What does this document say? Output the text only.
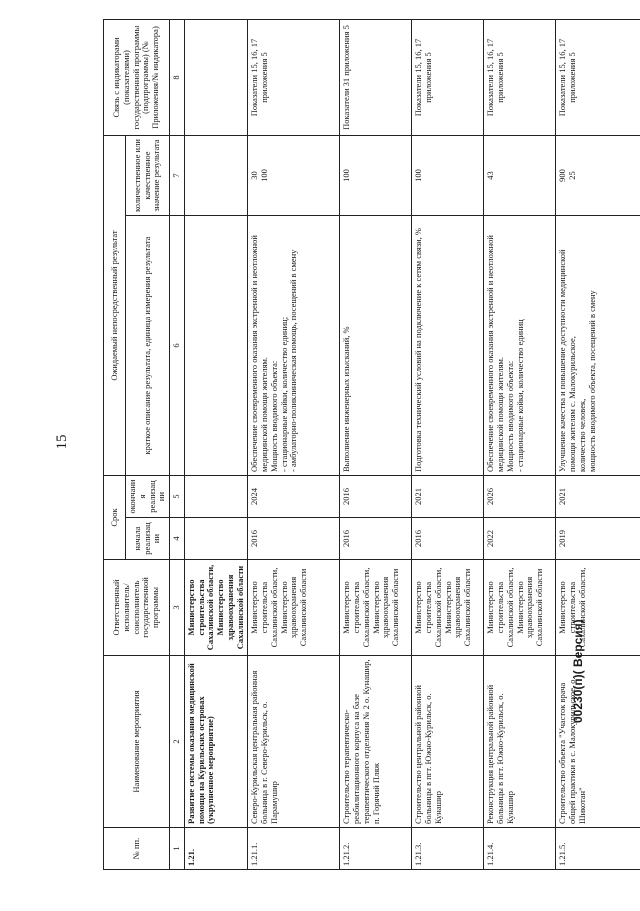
15
№ пп.	Наименование мероприятия	Ответственный исполнитель/соисполнитель государственной программы	Срок		Ожидаемый непосредственный результат		Связь с индикаторами (показателями) государственной программы (подпрограммы) (№ Приложения/№ индикатора)
			начала реализации	окончания реализации	краткое описание результата, единица измерения результата	количественное или качественное значение результата	

1	2	3	4	5	6	7	8
1.21.	Развитие системы оказания медицинской помощи на Курильских островах (укрупненное мероприятие)	Министерство строительства Сахалинской области, Министерство здравоохранения Сахалинской области					
1.21.1.	Северо-Курильская центральная районная больница в г. Северо-Курильск, о. Парамушир	Министерство строительства Сахалинской области, Министерство здравоохранения Сахалинской области	2016	2024	Обеспечение своевременного оказания экстренной и неотложной медицинской помощи жителям.
Мощность вводимого объекта:
- стационарные койки, количество единиц;
- амбулаторно-поликлиническая помощь, посещений в смену	30
100	Показатели 15, 16, 17 приложения 5
1.21.2.	Строительство терапевтическо-реабилитационного корпуса на базе терапевтического отделения № 2 о. Кунашир, п. Горячий Пляж	Министерство строительства Сахалинской области, Министерство здравоохранения Сахалинской области	2016	2016	Выполнение инженерных изысканий, %	100	Показатели 31 приложения 5
1.21.3.	Строительство центральной районной больницы в пгт. Южно-Курильск, о. Кунашир	Министерство строительства Сахалинской области, Министерство здравоохранения Сахалинской области	2016	2021	Подготовка технический условий на подключение к сетям связи, %	100	Показатели 15, 16, 17 приложения 5
1.21.4.	Реконструкция центральной районной больницы в пгт. Южно-Курильск, о. Кунашир	Министерство строительства Сахалинской области, Министерство здравоохранения Сахалинской области	2022	2026	Обеспечение своевременного оказания экстренной и неотложной медицинской помощи жителям.
Мощность вводимого объекта:
- стационарные койки, количество единиц	43	Показатели 15, 16, 17 приложения 5
1.21.5.	Строительство объекта "Участок врача общей практики в с. Малокурильское, о. Шикотан"	Министерство строительства Сахалинской области,	2019	2021	Улучшение качества и повышение доступности медицинской помощи жителям с. Малокурильское,
количество человек,
мощность вводимого объекта, посещений в смену	900
25	Показатели 15, 16, 17 приложения 5
00230(п)( Версия)
